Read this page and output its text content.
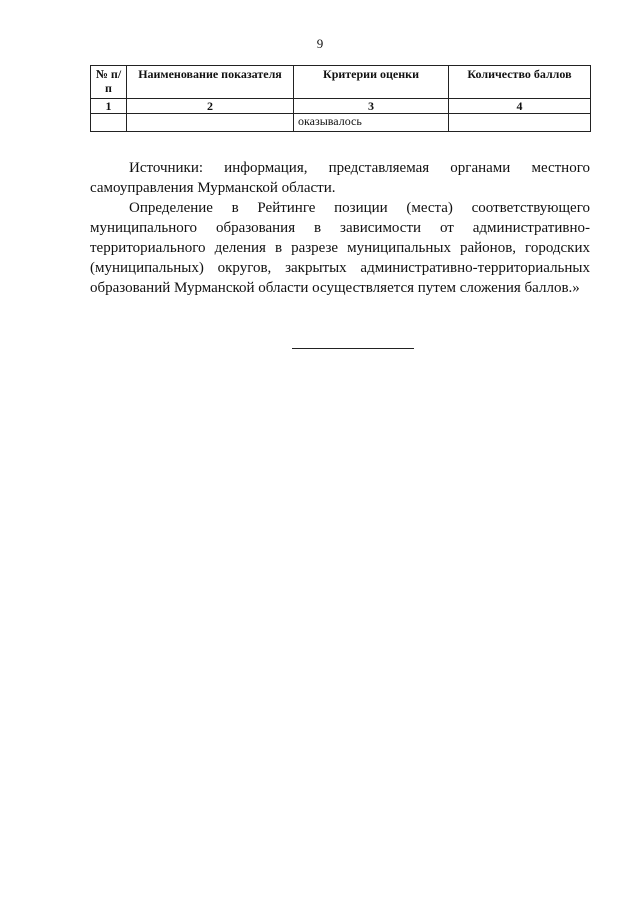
9
№ п/п	Наименование показателя	Критерии оценки	Количество баллов
1	2	3	4
		оказывалось	

Источники: информация, представляемая органами местного самоуправления Мурманской области.

Определение в Рейтинге позиции (места) соответствующего муниципального образования в зависимости от административно-территориального деления в разрезе муниципальных районов, городских (муниципальных) округов, закрытых административно-территориальных образований Мурманской области осуществляется путем сложения баллов.»
